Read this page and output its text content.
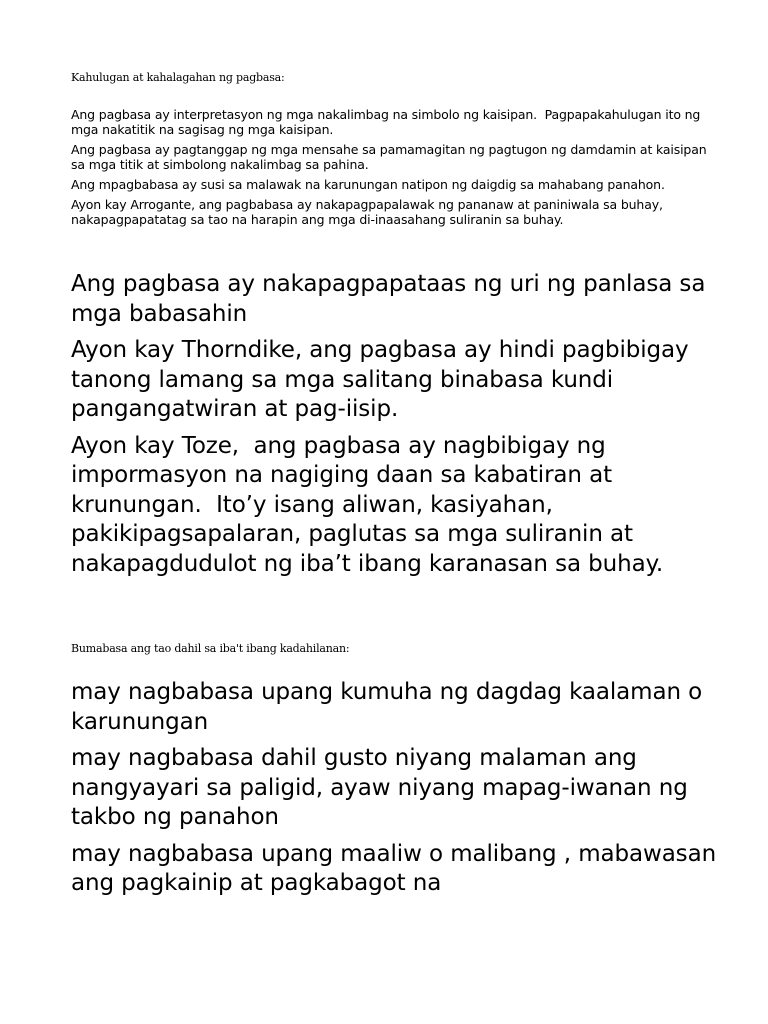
Kahulugan at kahalagahan ng pagbasa:

Ang pagbasa ay interpretasyon ng mga nakalimbag na simbolo ng kaisipan.  Pagpapakahulugan ito ng mga nakatitik na sagisag ng mga kaisipan.

Ang pagbasa ay pagtanggap ng mga mensahe sa pamamagitan ng pagtugon ng damdamin at kaisipan sa mga titik at simbolong nakalimbag sa pahina.

Ang mpagbabasa ay susi sa malawak na karunungan natipon ng daigdig sa mahabang panahon.

Ayon kay Arrogante, ang pagbabasa ay nakapagpapalawak ng pananaw at paniniwala sa buhay, nakapagpapatatag sa tao na harapin ang mga di-inaasahang suliranin sa buhay.

Ang pagbasa ay nakapagpapataas ng uri ng panlasa sa mga babasahin

Ayon kay Thorndike, ang pagbasa ay hindi pagbibigay tanong lamang sa mga salitang binabasa kundi pangangatwiran at pag-iisip.

Ayon kay Toze,  ang pagbasa ay nagbibigay ng impormasyon na nagiging daan sa kabatiran at krunungan.  Ito’y isang aliwan, kasiyahan, pakikipagsapalaran, paglutas sa mga suliranin at nakapagdudulot ng iba’t ibang karanasan sa buhay.

Bumabasa ang tao dahil sa iba't ibang kadahilanan:

may nagbabasa upang kumuha ng dagdag kaalaman o karunungan

may nagbabasa dahil gusto niyang malaman ang nangyayari sa paligid, ayaw niyang mapag-iwanan ng takbo ng panahon

may nagbabasa upang maaliw o malibang , mabawasan ang pagkainip at pagkabagot na
